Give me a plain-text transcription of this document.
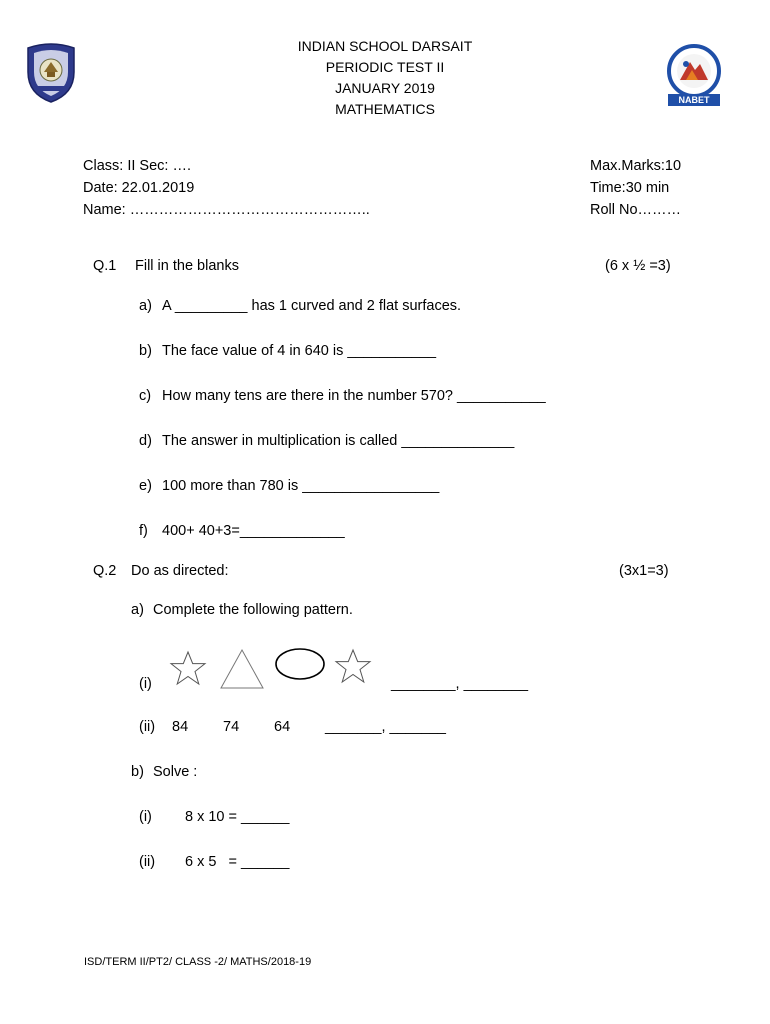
NABET
INDIAN SCHOOL DARSAIT
PERIODIC TEST II
JANUARY 2019
MATHEMATICS
Class: II Sec: ….
Date: 22.01.2019
Name: …………………………………………..
Max.Marks:10
Time:30 min
Roll No………
Q.1 Fill in the blanks	(6 x ½ =3)
a) A _________ has 1 curved and 2 flat surfaces.
b) The face value of 4 in 640 is ___________
c) How many tens are there in the number 570? ___________
d) The answer in multiplication is called ______________
e) 100 more than 780 is _________________
f) 400+ 40+3=_____________
Q.2 Do as directed:	(3x1=3)
a) Complete the following pattern.
(i)	________, ________
(ii) 84 74 64 _______, _______
b) Solve :
(i) 8 x 10 = ______
(ii) 6 x 5   = ______
ISD/TERM II/PT2/ CLASS -2/ MATHS/2018-19
